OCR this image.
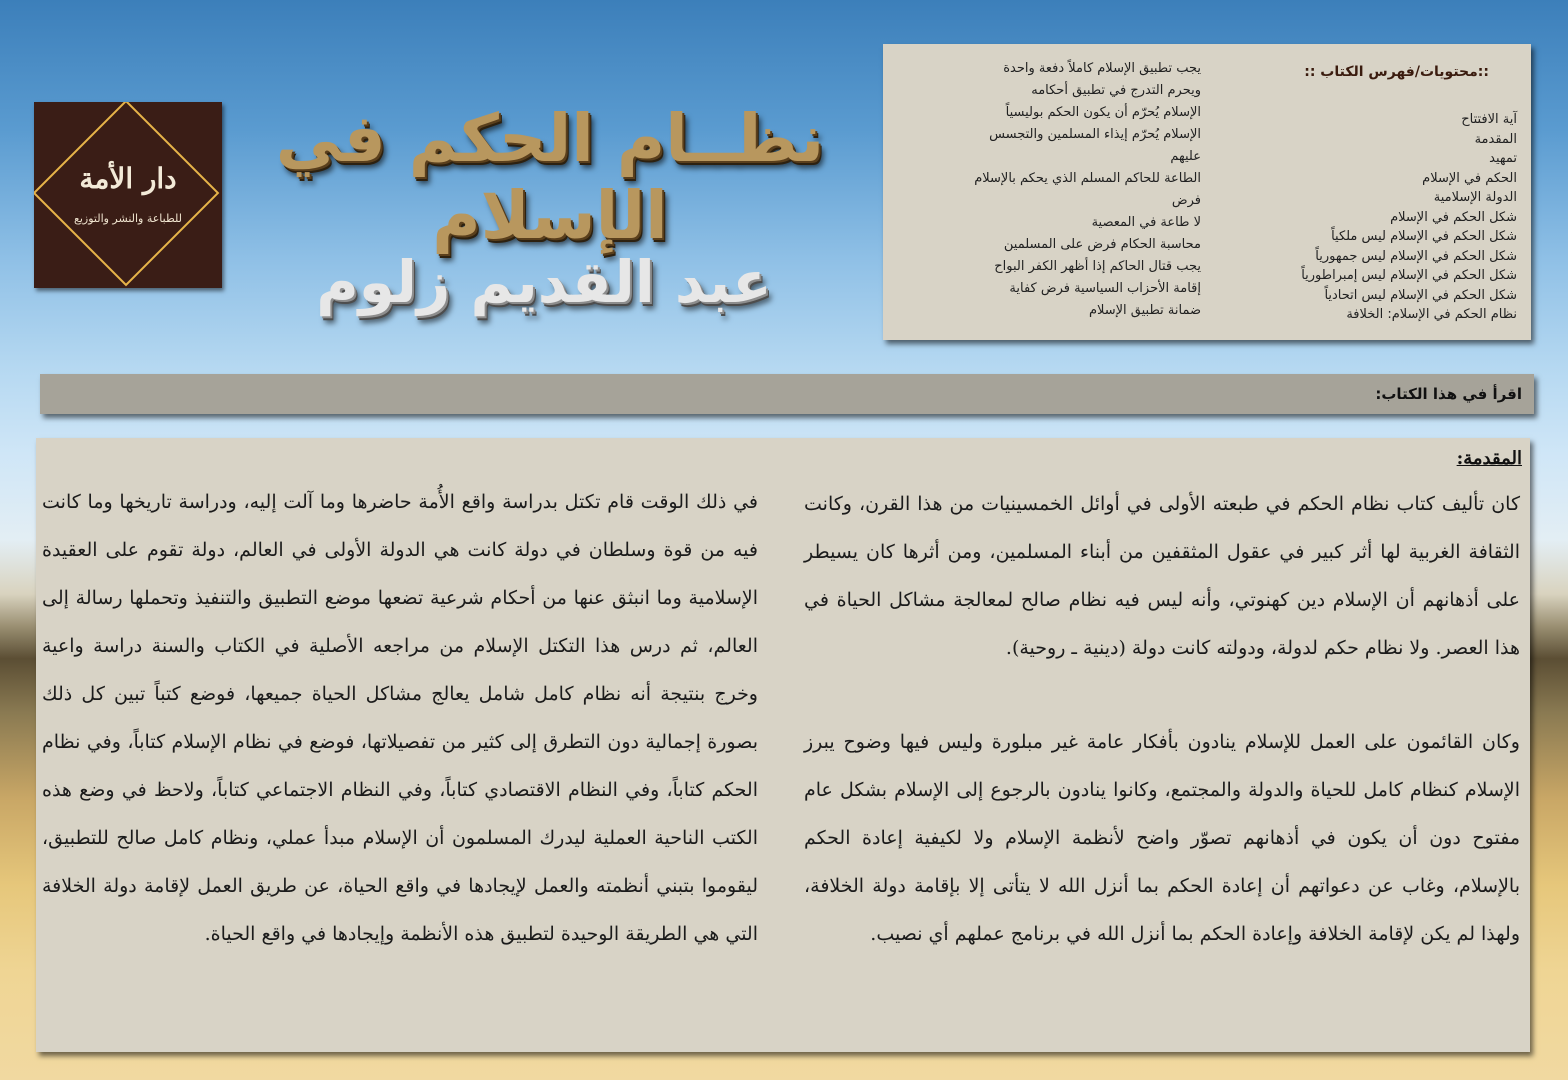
دار الأمة
للطباعة والنشر والتوزيع
نظــام الحكم في الإسلام
عبد القديم زلوم
::محتويات/فهرس الكتاب ::
آية الافتتاح
المقدمة
تمهيد
الحكم في الإسلام
الدولة الإسلامية
شكل الحكم في الإسلام
شكل الحكم في الإسلام ليس ملكياً
شكل الحكم في الإسلام ليس جمهورياً
شكل الحكم في الإسلام ليس إمبراطورياً
شكل الحكم في الإسلام ليس اتحادياً
نظام الحكم في الإسلام: الخلافة
يجب تطبيق الإسلام كاملاً دفعة واحدة
ويحرم التدرج في تطبيق أحكامه
الإسلام يُحرّم أن يكون الحكم بوليسياً
الإسلام يُحرّم إيذاء المسلمين والتجسس
عليهم
الطاعة للحاكم المسلم الذي يحكم بالإسلام
فرض
لا طاعة في المعصية
محاسبة الحكام فرض على المسلمين
يجب قتال الحاكم إذا أظهر الكفر البواح
إقامة الأحزاب السياسية فرض كفاية
ضمانة تطبيق الإسلام
اقرأ في هذا الكتاب:
المقدمة:

كان تأليف كتاب نظام الحكم في طبعته الأولى في أوائل الخمسينيات من هذا القرن، وكانت الثقافة الغربية لها أثر كبير في عقول المثقفين من أبناء المسلمين، ومن أثرها كان يسيطر على أذهانهم أن الإسلام دين كهنوتي، وأنه ليس فيه نظام صالح لمعالجة مشاكل الحياة في هذا العصر. ولا نظام حكم لدولة، ودولته كانت دولة (دينية ـ روحية).

وكان القائمون على العمل للإسلام ينادون بأفكار عامة غير مبلورة وليس فيها وضوح يبرز الإسلام كنظام كامل للحياة والدولة والمجتمع، وكانوا ينادون بالرجوع إلى الإسلام بشكل عام مفتوح دون أن يكون في أذهانهم تصوّر واضح لأنظمة الإسلام ولا لكيفية إعادة الحكم بالإسلام، وغاب عن دعواتهم أن إعادة الحكم بما أنزل الله لا يتأتى إلا بإقامة دولة الخلافة، ولهذا لم يكن لإقامة الخلافة وإعادة الحكم بما أنزل الله في برنامج عملهم أي نصيب.

في ذلك الوقت قام تكتل بدراسة واقع الأُمة حاضرها وما آلت إليه، ودراسة تاريخها وما كانت فيه من قوة وسلطان في دولة كانت هي الدولة الأولى في العالم، دولة تقوم على العقيدة الإسلامية وما انبثق عنها من أحكام شرعية تضعها موضع التطبيق والتنفيذ وتحملها رسالة إلى العالم، ثم درس هذا التكتل الإسلام من مراجعه الأصلية في الكتاب والسنة دراسة واعية وخرج بنتيجة أنه نظام كامل شامل يعالج مشاكل الحياة جميعها، فوضع كتباً تبين كل ذلك بصورة إجمالية دون التطرق إلى كثير من تفصيلاتها، فوضع في نظام الإسلام كتاباً، وفي نظام الحكم كتاباً، وفي النظام الاقتصادي كتاباً، وفي النظام الاجتماعي كتاباً، ولاحظ في وضع هذه الكتب الناحية العملية ليدرك المسلمون أن الإسلام مبدأ عملي، ونظام كامل صالح للتطبيق، ليقوموا بتبني أنظمته والعمل لإيجادها في واقع الحياة، عن طريق العمل لإقامة دولة الخلافة التي هي الطريقة الوحيدة لتطبيق هذه الأنظمة وإيجادها في واقع الحياة.
